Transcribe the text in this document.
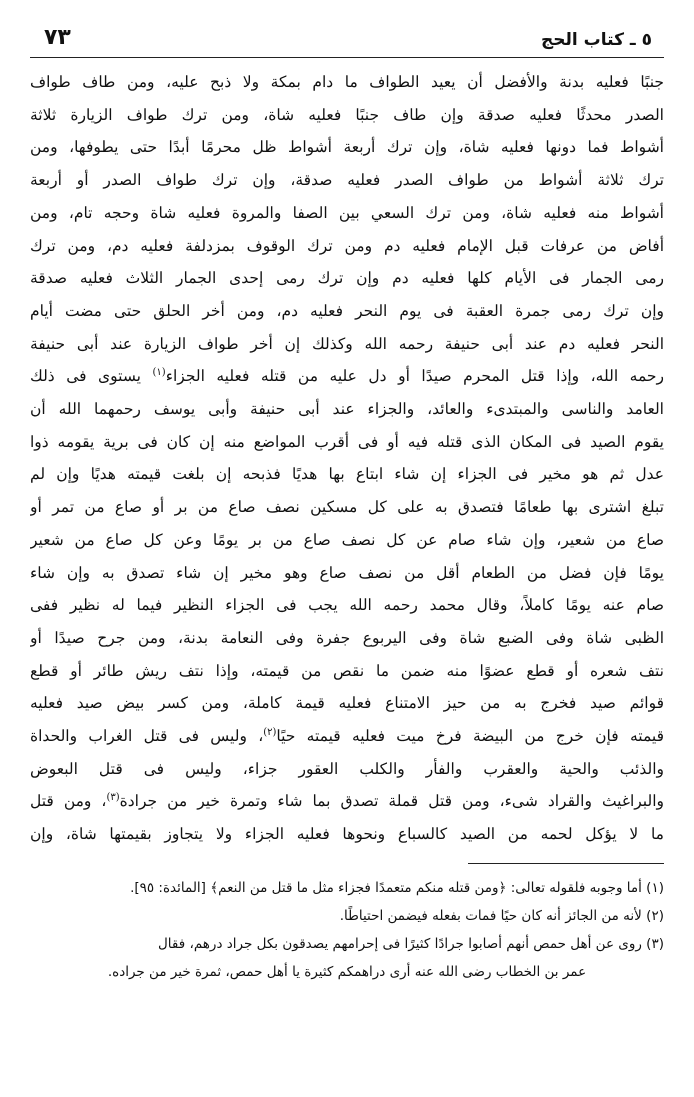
٥ ـ كتاب الحج
٧٣
جنبًا فعليه بدنة والأفضل أن يعيد الطواف ما دام بمكة ولا ذبح عليه، ومن طاف طواف
الصدر محدثًا فعليه صدقة وإن طاف جنبًا فعليه شاة، ومن ترك طواف الزيارة ثلاثة
أشواط فما دونها فعليه شاة، وإن ترك أربعة أشواط ظل محرمًا أبدًا حتى يطوفها، ومن
ترك ثلاثة أشواط من طواف الصدر فعليه صدقة، وإن ترك طواف الصدر أو أربعة
أشواط منه فعليه شاة، ومن ترك السعي بين الصفا والمروة فعليه شاة وحجه تام، ومن
أفاض من عرفات قبل الإمام فعليه دم ومن ترك الوقوف بمزدلفة فعليه دم، ومن ترك
رمى الجمار فى الأيام كلها فعليه دم وإن ترك رمى إحدى الجمار الثلاث فعليه صدقة
وإن ترك رمى جمرة العقبة فى يوم النحر فعليه دم، ومن أخر الحلق حتى مضت أيام
النحر فعليه دم عند أبى حنيفة رحمه الله وكذلك إن أخر طواف الزيارة عند أبى حنيفة
رحمه الله، وإذا قتل المحرم صيدًا أو دل عليه من قتله فعليه الجزاء$^{(١)}$ يستوى فى ذلك
العامد والناسى والمبتدىء والعائد، والجزاء عند أبى حنيفة وأبى يوسف رحمهما الله أن
يقوم الصيد فى المكان الذى قتله فيه أو فى أقرب المواضع منه إن كان فى برية يقومه ذوا
عدل ثم هو مخير فى الجزاء إن شاء ابتاع بها هديًا فذبحه إن بلغت قيمته هديًا وإن لم
تبلغ اشترى بها طعامًا فتصدق به على كل مسكين نصف صاع من بر أو صاع من تمر أو
صاع من شعير، وإن شاء صام عن كل نصف صاع من بر يومًا وعن كل صاع من شعير
يومًا فإن فضل من الطعام أقل من نصف صاع وهو مخير إن شاء تصدق به وإن شاء
صام عنه يومًا كاملاً، وقال محمد رحمه الله يجب فى الجزاء النظير فيما له نظير ففى
الظبى شاة وفى الضبع شاة وفى اليربوع جفرة وفى النعامة بدنة، ومن جرح صيدًا أو
نتف شعره أو قطع عضوًا منه ضمن ما نقص من قيمته، وإذا نتف ريش طائر أو قطع
قوائم صيد فخرج به من حيز الامتناع فعليه قيمة كاملة، ومن كسر بيض صيد فعليه
قيمته فإن خرج من البيضة فرخ ميت فعليه قيمته حيًا$^{(٢)}$، وليس فى قتل الغراب والحداة
والذئب والحية والعقرب والفأر والكلب العقور جزاء، وليس فى قتل البعوض
والبراغيث والقراد شىء، ومن قتل قملة تصدق بما شاء وتمرة خير من جرادة$^{(٣)}$، ومن قتل
ما لا يؤكل لحمه من الصيد كالسباع ونحوها فعليه الجزاء ولا يتجاوز بقيمتها شاة، وإن
(١) أما وجوبه فلقوله تعالى: ﴿ومن قتله منكم متعمدًا فجزاء مثل ما قتل من النعم﴾ [المائدة: ٩٥].
(٢) لأنه من الجائز أنه كان حيًا فمات بفعله فيضمن احتياطًا.
(٣) روى عن أهل حمص أنهم أصابوا جرادًا كثيرًا فى إحرامهم يصدقون بكل جراد درهم، فقال
عمر بن الخطاب رضى الله عنه أرى دراهمكم كثيرة يا أهل حمص، ثمرة خير من جراده.
